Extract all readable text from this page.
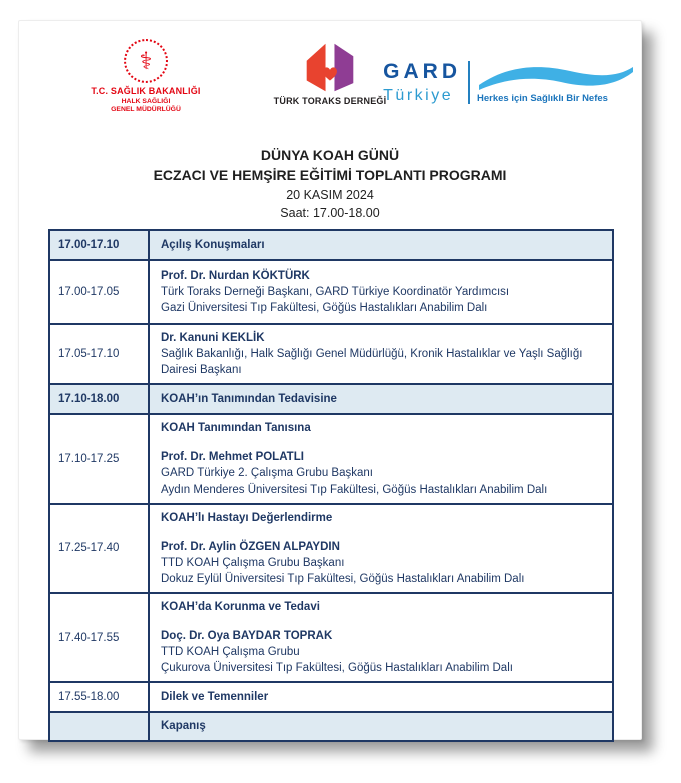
⚕
T.C. SAĞLIK BAKANLIĞI
HALK SAĞLIĞI
GENEL MÜDÜRLÜĞÜ
TÜRK TORAKS DERNEĞİ
GARD
Türkiye	Herkes için Sağlıklı Bir Nefes
DÜNYA KOAH GÜNÜ
ECZACI VE HEMŞİRE EĞİTİMİ TOPLANTI PROGRAMI
20 KASIM 2024
Saat: 17.00-18.00
17.00-17.10	Açılış Konuşmaları
17.00-17.05	Prof. Dr. Nurdan KÖKTÜRK
Türk Toraks Derneği Başkanı, GARD Türkiye Koordinatör Yardımcısı
Gazi Üniversitesi Tıp Fakültesi, Göğüs Hastalıkları Anabilim Dalı

17.05-17.10	Dr. Kanuni KEKLİK
Sağlık Bakanlığı, Halk Sağlığı Genel Müdürlüğü, Kronik Hastalıklar ve Yaşlı Sağlığı Dairesi Başkanı

17.10-18.00	KOAH’ın Tanımından Tedavisine
17.10-17.25	KOAH Tanımından Tanısına
Prof. Dr. Mehmet POLATLI
GARD Türkiye 2. Çalışma Grubu Başkanı
Aydın Menderes Üniversitesi Tıp Fakültesi, Göğüs Hastalıkları Anabilim Dalı

17.25-17.40	KOAH’lı Hastayı Değerlendirme
Prof. Dr. Aylin ÖZGEN ALPAYDIN
TTD KOAH Çalışma Grubu Başkanı
Dokuz Eylül Üniversitesi Tıp Fakültesi, Göğüs Hastalıkları Anabilim Dalı

17.40-17.55	KOAH’da Korunma ve Tedavi
Doç. Dr. Oya BAYDAR TOPRAK
TTD KOAH Çalışma Grubu
Çukurova Üniversitesi Tıp Fakültesi, Göğüs Hastalıkları Anabilim Dalı

17.55-18.00	Dilek ve Temenniler
	Kapanış
